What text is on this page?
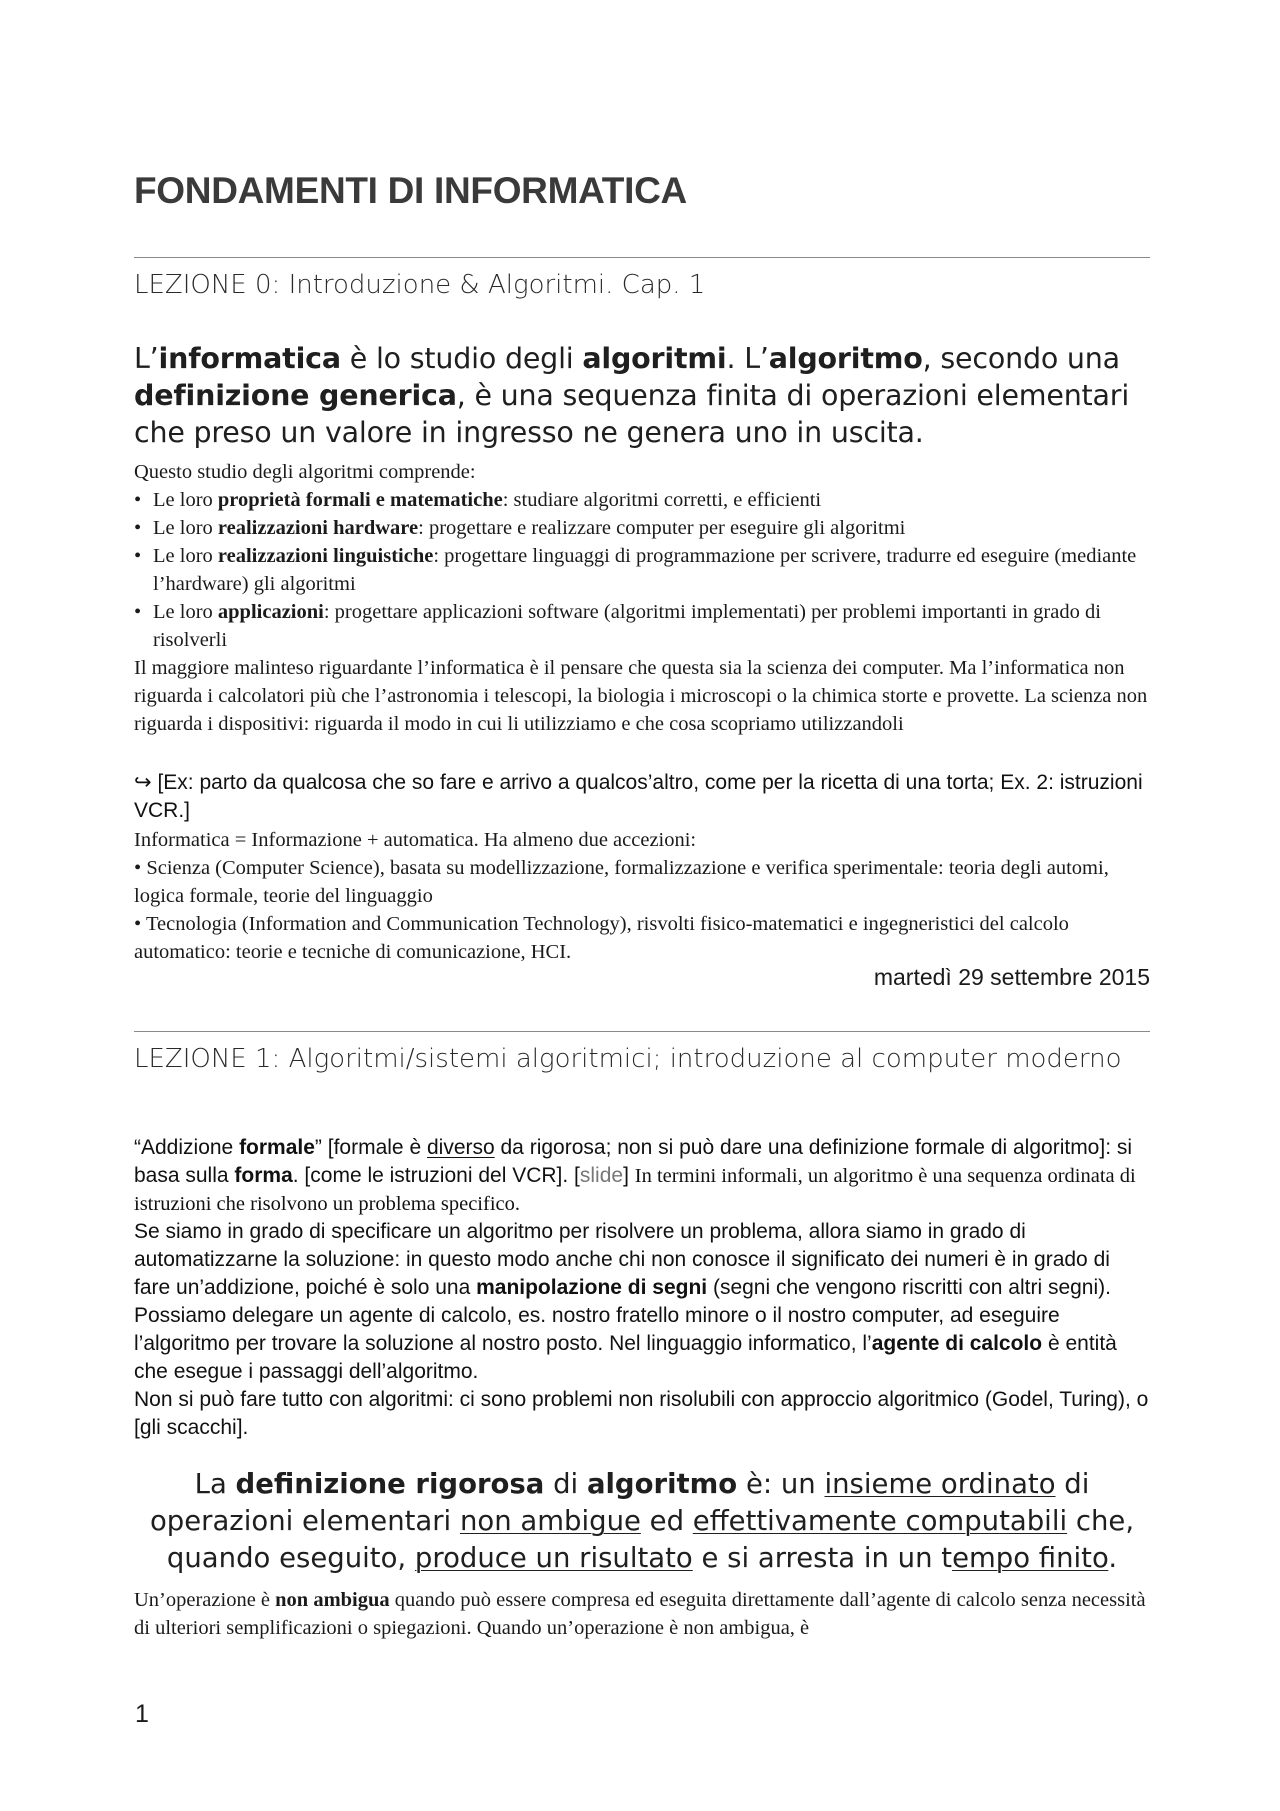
FONDAMENTI DI INFORMATICA
LEZIONE 0: Introduzione & Algoritmi. Cap. 1
L’informatica è lo studio degli algoritmi. L’algoritmo, secondo una definizione generica, è una sequenza finita di operazioni elementari che preso un valore in ingresso ne genera uno in uscita.
Questo studio degli algoritmi comprende:
• Le loro proprietà formali e matematiche: studiare algoritmi corretti, e efficienti
• Le loro realizzazioni hardware: progettare e realizzare computer per eseguire gli algoritmi
• Le loro realizzazioni linguistiche: progettare linguaggi di programmazione per scrivere, tradurre ed eseguire (mediante l’hardware) gli algoritmi
• Le loro applicazioni: progettare applicazioni software (algoritmi implementati) per problemi importanti in grado di risolverli
Il maggiore malinteso riguardante l’informatica è il pensare che questa sia la scienza dei computer. Ma l’informatica non riguarda i calcolatori più che l’astronomia i telescopi, la biologia i microscopi o la chimica storte e provette. La scienza non riguarda i dispositivi: riguarda il modo in cui li utilizziamo e che cosa scopriamo utilizzandoli
↪ [Ex: parto da qualcosa che so fare e arrivo a qualcos’altro, come per la ricetta di una torta; Ex. 2: istruzioni VCR.]
Informatica = Informazione + automatica. Ha almeno due accezioni:
• Scienza (Computer Science), basata su modellizzazione, formalizzazione e verifica sperimentale: teoria degli automi, logica formale, teorie del linguaggio
• Tecnologia (Information and Communication Technology), risvolti fisico-matematici e ingegneristici del calcolo automatico: teorie e tecniche di comunicazione, HCI.
martedì 29 settembre 2015
LEZIONE 1: Algoritmi/sistemi algoritmici; introduzione al computer moderno
“Addizione formale” [formale è diverso da rigorosa; non si può dare una definizione formale di algoritmo]: si basa sulla forma. [come le istruzioni del VCR]. [slide] In termini informali, un algoritmo è una sequenza ordinata di istruzioni che risolvono un problema specifico.
Se siamo in grado di specificare un algoritmo per risolvere un problema, allora siamo in grado di automatizzarne la soluzione: in questo modo anche chi non conosce il significato dei numeri è in grado di fare un’addizione, poiché è solo una manipolazione di segni (segni che vengono riscritti con altri segni).
Possiamo delegare un agente di calcolo, es. nostro fratello minore o il nostro computer, ad eseguire l’algoritmo per trovare la soluzione al nostro posto. Nel linguaggio informatico, l’agente di calcolo è entità che esegue i passaggi dell’algoritmo.
Non si può fare tutto con algoritmi: ci sono problemi non risolubili con approccio algoritmico (Godel, Turing), o [gli scacchi].
La definizione rigorosa di algoritmo è: un insieme ordinato di operazioni elementari non ambigue ed effettivamente computabili che, quando eseguito, produce un risultato e si arresta in un tempo finito.
Un’operazione è non ambigua quando può essere compresa ed eseguita direttamente dall’agente di calcolo senza necessità di ulteriori semplificazioni o spiegazioni. Quando un’operazione è non ambigua, è
1
